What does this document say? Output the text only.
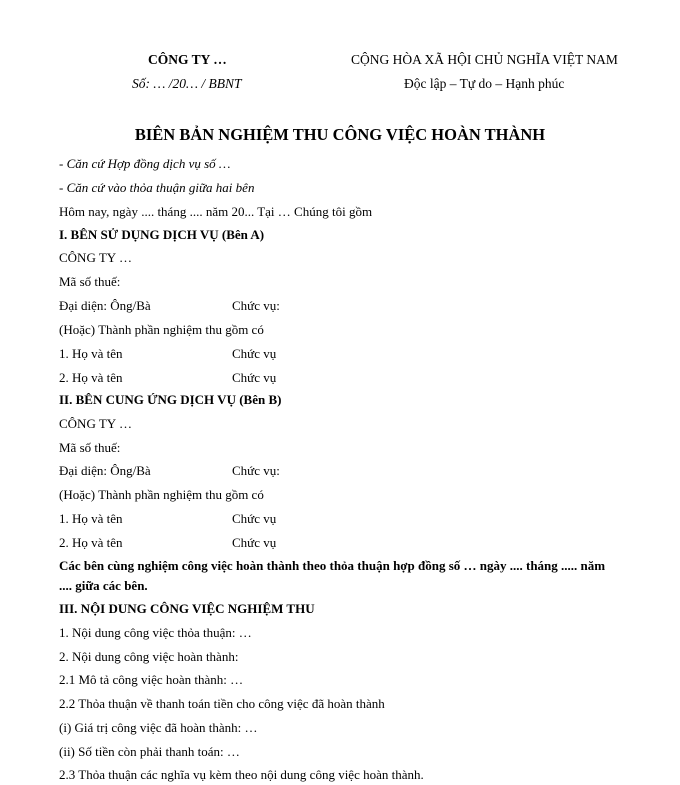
CÔNG TY …
Số: … /20… / BBNT
CỘNG HÒA XÃ HỘI CHỦ NGHĨA VIỆT NAM
Độc lập – Tự do – Hạnh phúc
BIÊN BẢN NGHIỆM THU CÔNG VIỆC HOÀN THÀNH
- Căn cứ Hợp đồng dịch vụ số …
- Căn cứ vào thỏa thuận giữa hai bên
Hôm nay, ngày .... tháng .... năm 20... Tại … Chúng tôi gồm
I. BÊN SỬ DỤNG DỊCH VỤ (Bên A)
CÔNG TY …
Mã số thuế:
Đại diện: Ông/Bà	Chức vụ:
(Hoặc) Thành phần nghiệm thu gồm có
1. Họ và tên	Chức vụ
2. Họ và tên	Chức vụ
II. BÊN CUNG ỨNG DỊCH VỤ (Bên B)
CÔNG TY …
Mã số thuế:
Đại diện: Ông/Bà	Chức vụ:
(Hoặc) Thành phần nghiệm thu gồm có
1. Họ và tên	Chức vụ
2. Họ và tên	Chức vụ
Các bên cùng nghiệm công việc hoàn thành theo thỏa thuận hợp đồng số … ngày .... tháng ..... năm .... giữa các bên.
III. NỘI DUNG CÔNG VIỆC NGHIỆM THU
1. Nội dung công việc thỏa thuận: …
2. Nội dung công việc hoàn thành:
2.1 Mô tả công việc hoàn thành: …
2.2 Thỏa thuận về thanh toán tiền cho công việc đã hoàn thành
(i) Giá trị công việc đã hoàn thành: …
(ii) Số tiền còn phải thanh toán: …
2.3 Thỏa thuận các nghĩa vụ kèm theo nội dung công việc hoàn thành.
